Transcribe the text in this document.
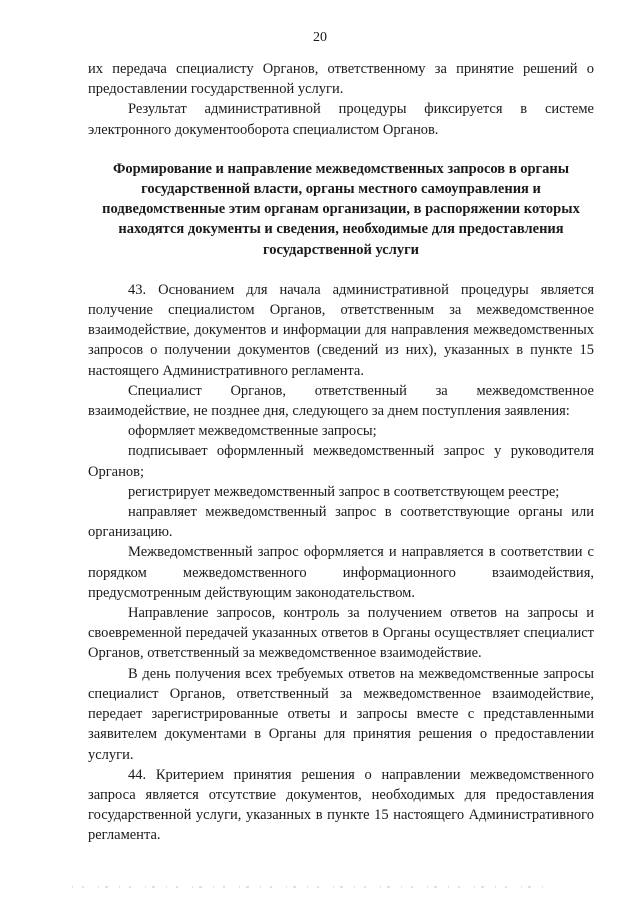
20

их передача специалисту Органов, ответственному за принятие решений о предоставлении государственной услуги.

Результат административной процедуры фиксируется в системе электронного документооборота специалистом Органов.

Формирование и направление межведомственных запросов в органы государственной власти, органы местного самоуправления и подведомственные этим органам организации, в распоряжении которых находятся документы и сведения, необходимые для предоставления государственной услуги

43. Основанием для начала административной процедуры является получение специалистом Органов, ответственным за межведомственное взаимодействие, документов и информации для направления межведомственных запросов о получении документов (сведений из них), указанных в пункте 15 настоящего Административного регламента.

Специалист Органов, ответственный за межведомственное взаимодействие, не позднее дня, следующего за днем поступления заявления:

оформляет межведомственные запросы;

подписывает оформленный межведомственный запрос у руководителя Органов;

регистрирует межведомственный запрос в соответствующем реестре;

направляет межведомственный запрос в соответствующие органы или организацию.

Межведомственный запрос оформляется и направляется в соответствии с порядком межведомственного информационного взаимодействия, предусмотренным действующим законодательством.

Направление запросов, контроль за получением ответов на запросы и своевременной передачей указанных ответов в Органы осуществляет специалист Органов, ответственный за межведомственное взаимодействие.

В день получения всех требуемых ответов на межведомственные запросы специалист Органов, ответственный за межведомственное взаимодействие, передает зарегистрированные ответы и запросы вместе с представленными заявителем документами в Органы для принятия решения о предоставлении услуги.

44. Критерием принятия решения о направлении межведомственного запроса является отсутствие документов, необходимых для предоставления государственной услуги, указанных в пункте 15 настоящего Административного регламента.
